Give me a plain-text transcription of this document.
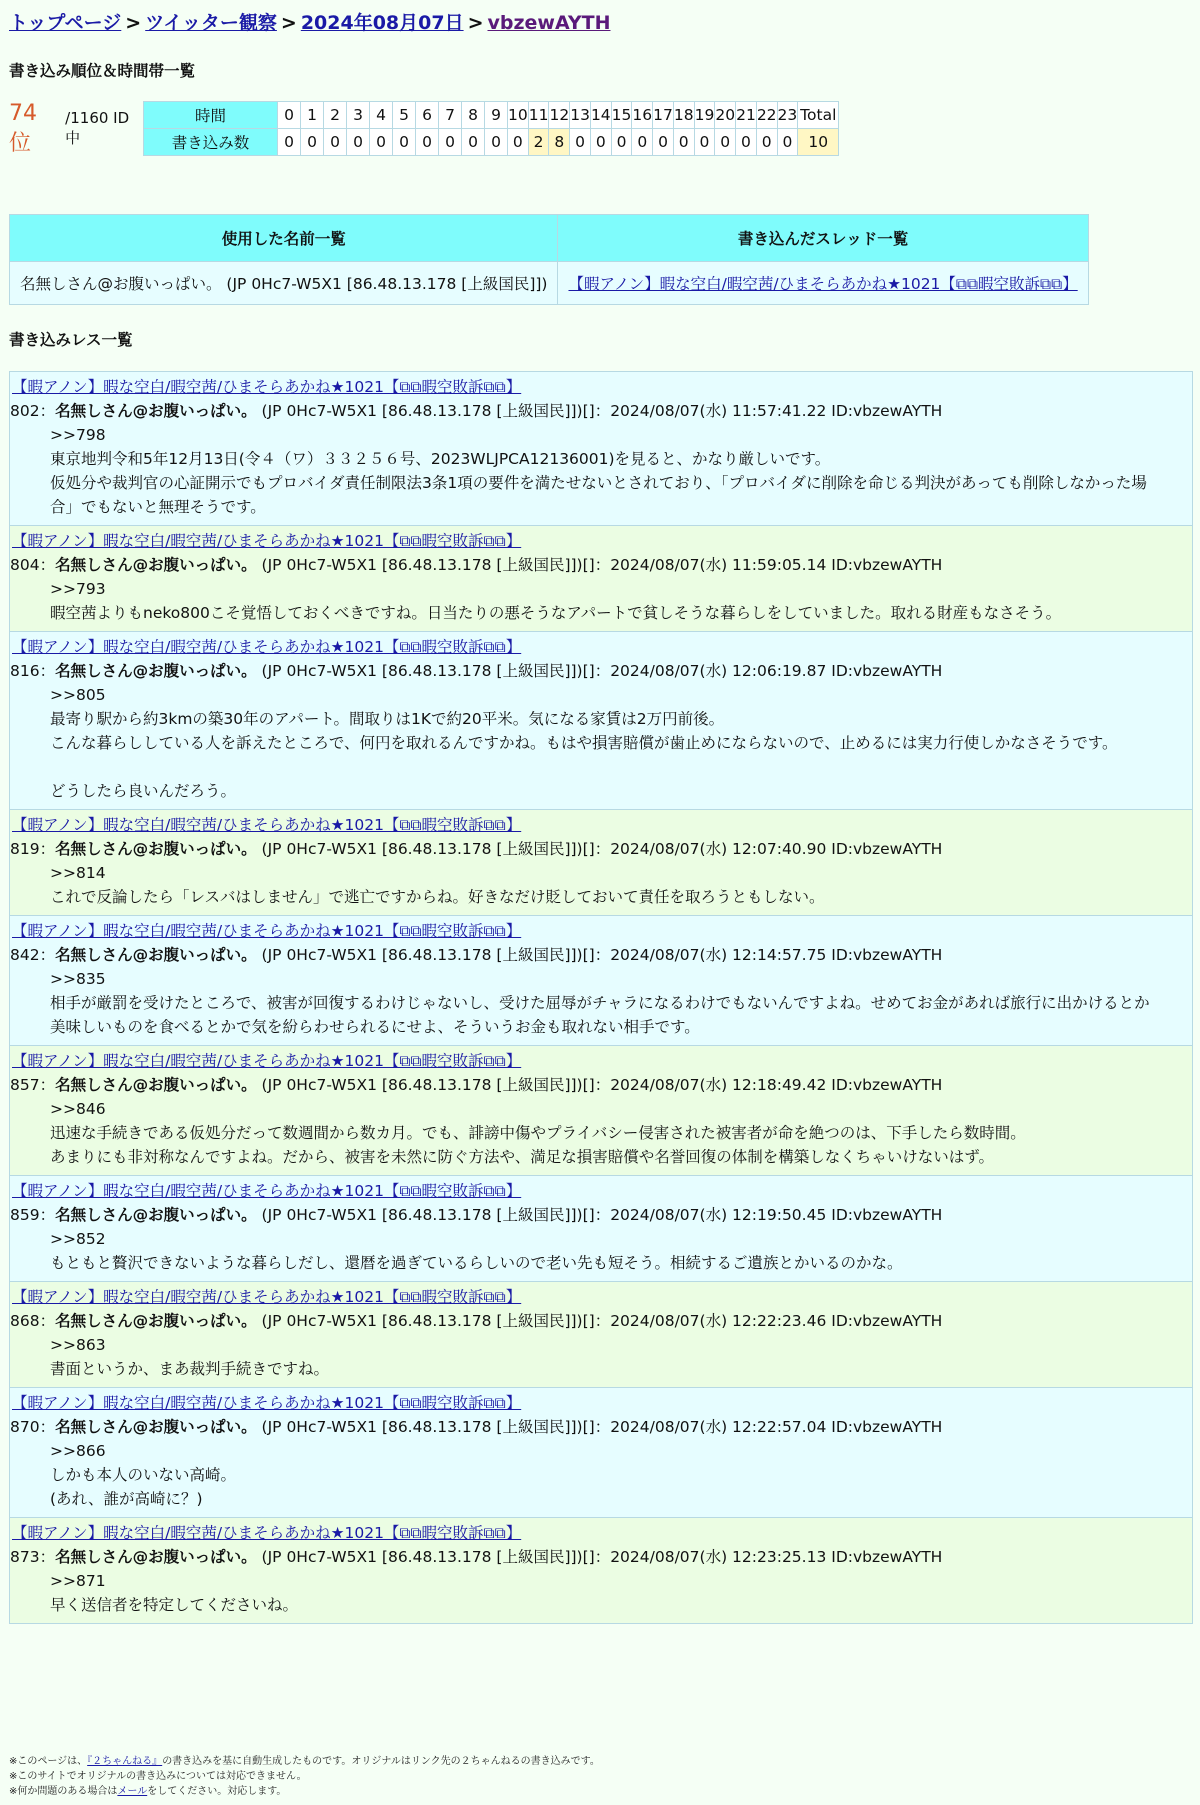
トップページ > ツイッター観察 > 2024年08月07日 > vbzewAYTH
書き込み順位＆時間帯一覧
74 位
/1160 ID中
時間	0	1	2	3	4	5	6	7	8	9	10	11	12	13	14	15	16	17	18	19	20	21	22	23	Total
書き込み数	0	0	0	0	0	0	0	0	0	0	0	2	8	0	0	0	0	0	0	0	0	0	0	0	10
使用した名前一覧	書き込んだスレッド一覧
名無しさん@お腹いっぱい。 (JP 0Hc7-W5X1 [86.48.13.178 [上級国民]])	【暇アノン】暇な空白/暇空茜/ひまそらあかね★1021【⧉⧉暇空敗訴⧉⧉】
書き込みレス一覧
【暇アノン】暇な空白/暇空茜/ひまそらあかね★1021【⧉⧉暇空敗訴⧉⧉】
802：名無しさん@お腹いっぱい。 (JP 0Hc7-W5X1 [86.48.13.178 [上級国民]])[]：2024/08/07(水) 11:57:41.22 ID:vbzewAYTH
>>798
東京地判令和5年12月13日(令４（ワ）３３２５６号、2023WLJPCA12136001)を見ると、かなり厳しいです。
仮処分や裁判官の心証開示でもプロバイダ責任制限法3条1項の要件を満たせないとされており、「プロバイダに削除を命じる判決があっても削除しなかった場
合」でもないと無理そうです。
【暇アノン】暇な空白/暇空茜/ひまそらあかね★1021【⧉⧉暇空敗訴⧉⧉】
804：名無しさん@お腹いっぱい。 (JP 0Hc7-W5X1 [86.48.13.178 [上級国民]])[]：2024/08/07(水) 11:59:05.14 ID:vbzewAYTH
>>793
暇空茜よりもneko800こそ覚悟しておくべきですね。日当たりの悪そうなアパートで貧しそうな暮らしをしていました。取れる財産もなさそう。
【暇アノン】暇な空白/暇空茜/ひまそらあかね★1021【⧉⧉暇空敗訴⧉⧉】
816：名無しさん@お腹いっぱい。 (JP 0Hc7-W5X1 [86.48.13.178 [上級国民]])[]：2024/08/07(水) 12:06:19.87 ID:vbzewAYTH
>>805
最寄り駅から約3kmの築30年のアパート。間取りは1Kで約20平米。気になる家賃は2万円前後。
こんな暮らししている人を訴えたところで、何円を取れるんですかね。もはや損害賠償が歯止めにならないので、止めるには実力行使しかなさそうです。
どうしたら良いんだろう。
【暇アノン】暇な空白/暇空茜/ひまそらあかね★1021【⧉⧉暇空敗訴⧉⧉】
819：名無しさん@お腹いっぱい。 (JP 0Hc7-W5X1 [86.48.13.178 [上級国民]])[]：2024/08/07(水) 12:07:40.90 ID:vbzewAYTH
>>814
これで反論したら「レスバはしません」で逃亡ですからね。好きなだけ貶しておいて責任を取ろうともしない。
【暇アノン】暇な空白/暇空茜/ひまそらあかね★1021【⧉⧉暇空敗訴⧉⧉】
842：名無しさん@お腹いっぱい。 (JP 0Hc7-W5X1 [86.48.13.178 [上級国民]])[]：2024/08/07(水) 12:14:57.75 ID:vbzewAYTH
>>835
相手が厳罰を受けたところで、被害が回復するわけじゃないし、受けた屈辱がチャラになるわけでもないんですよね。せめてお金があれば旅行に出かけるとか
美味しいものを食べるとかで気を紛らわせられるにせよ、そういうお金も取れない相手です。
【暇アノン】暇な空白/暇空茜/ひまそらあかね★1021【⧉⧉暇空敗訴⧉⧉】
857：名無しさん@お腹いっぱい。 (JP 0Hc7-W5X1 [86.48.13.178 [上級国民]])[]：2024/08/07(水) 12:18:49.42 ID:vbzewAYTH
>>846
迅速な手続きである仮処分だって数週間から数カ月。でも、誹謗中傷やプライバシー侵害された被害者が命を絶つのは、下手したら数時間。
あまりにも非対称なんですよね。だから、被害を未然に防ぐ方法や、満足な損害賠償や名誉回復の体制を構築しなくちゃいけないはず。
【暇アノン】暇な空白/暇空茜/ひまそらあかね★1021【⧉⧉暇空敗訴⧉⧉】
859：名無しさん@お腹いっぱい。 (JP 0Hc7-W5X1 [86.48.13.178 [上級国民]])[]：2024/08/07(水) 12:19:50.45 ID:vbzewAYTH
>>852
もともと贅沢できないような暮らしだし、還暦を過ぎているらしいので老い先も短そう。相続するご遺族とかいるのかな。
【暇アノン】暇な空白/暇空茜/ひまそらあかね★1021【⧉⧉暇空敗訴⧉⧉】
868：名無しさん@お腹いっぱい。 (JP 0Hc7-W5X1 [86.48.13.178 [上級国民]])[]：2024/08/07(水) 12:22:23.46 ID:vbzewAYTH
>>863
書面というか、まあ裁判手続きですね。
【暇アノン】暇な空白/暇空茜/ひまそらあかね★1021【⧉⧉暇空敗訴⧉⧉】
870：名無しさん@お腹いっぱい。 (JP 0Hc7-W5X1 [86.48.13.178 [上級国民]])[]：2024/08/07(水) 12:22:57.04 ID:vbzewAYTH
>>866
しかも本人のいない高崎。
(あれ、誰が高崎に？)
【暇アノン】暇な空白/暇空茜/ひまそらあかね★1021【⧉⧉暇空敗訴⧉⧉】
873：名無しさん@お腹いっぱい。 (JP 0Hc7-W5X1 [86.48.13.178 [上級国民]])[]：2024/08/07(水) 12:23:25.13 ID:vbzewAYTH
>>871
早く送信者を特定してくださいね。
※このページは、『２ちゃんねる』の書き込みを基に自動生成したものです。オリジナルはリンク先の２ちゃんねるの書き込みです。
※このサイトでオリジナルの書き込みについては対応できません。
※何か問題のある場合はメールをしてください。対応します。
